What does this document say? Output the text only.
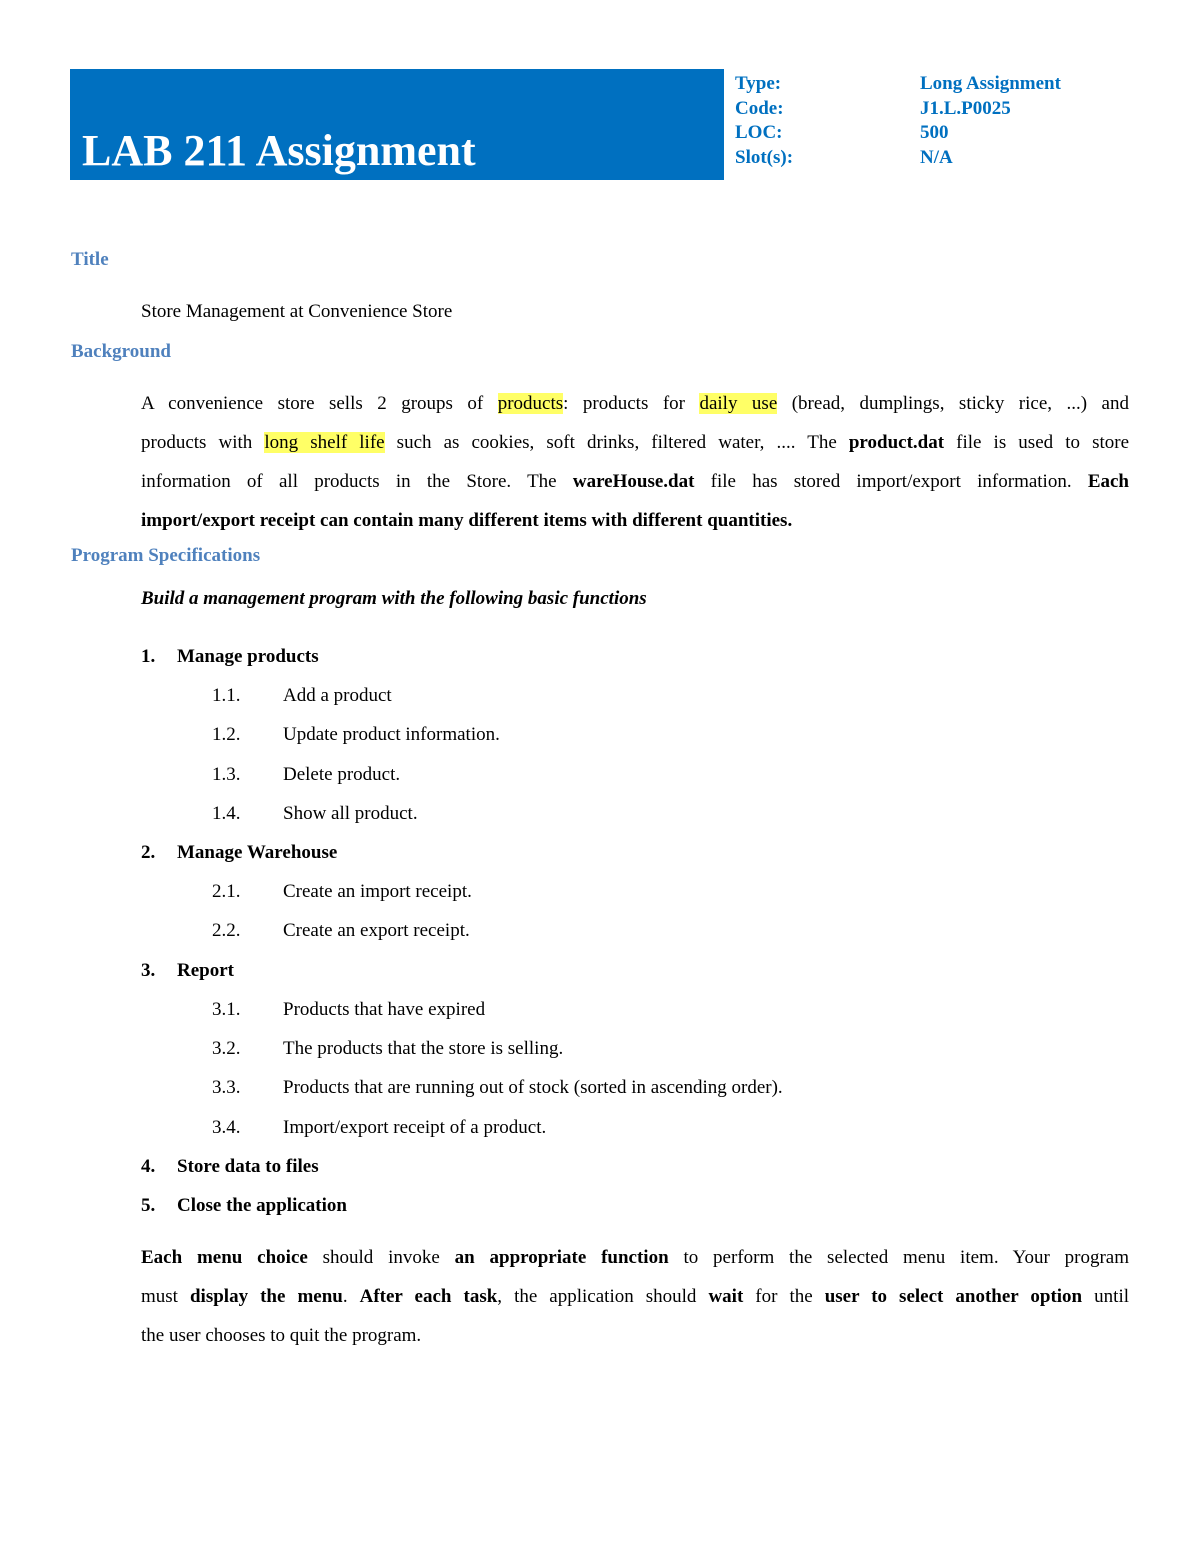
LAB 211 Assignment
Type:	Long Assignment
Code:	J1.L.P0025
LOC:	500
Slot(s):	N/A
Title
Store Management at Convenience Store
Background
A convenience store sells 2 groups of products: products for daily use (bread, dumplings, sticky rice, ...) and
products with long shelf life such as cookies, soft drinks, filtered water, .... The product.dat file is used to store
information of all products in the Store. The wareHouse.dat file has stored import/export information. Each
import/export receipt can contain many different items with different quantities.
Program Specifications
Build a management program with the following basic functions
1. Manage products
1.1. Add a product
1.2. Update product information.
1.3. Delete product.
1.4. Show all product.
2. Manage Warehouse
2.1. Create an import receipt.
2.2. Create an export receipt.
3. Report
3.1. Products that have expired
3.2. The products that the store is selling.
3.3. Products that are running out of stock (sorted in ascending order).
3.4. Import/export receipt of a product.
4. Store data to files
5. Close the application
Each menu choice should invoke an appropriate function to perform the selected menu item. Your program
must display the menu. After each task, the application should wait for the user to select another option until
the user chooses to quit the program.
